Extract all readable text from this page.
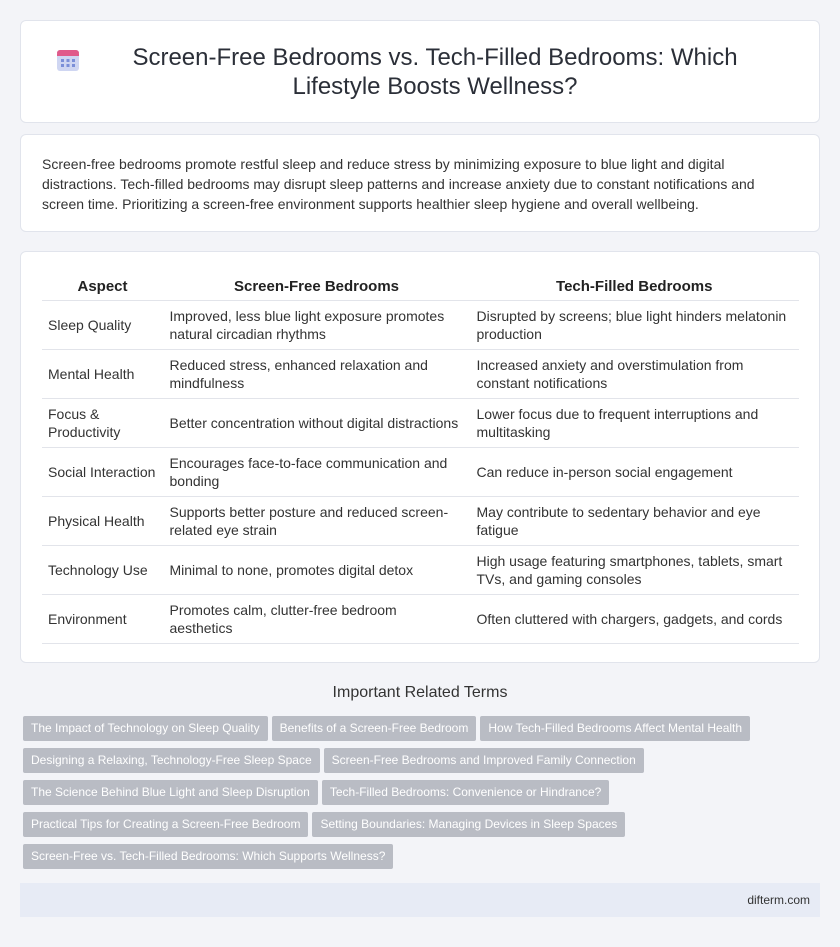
Screen-Free Bedrooms vs. Tech-Filled Bedrooms: Which Lifestyle Boosts Wellness?

Screen-free bedrooms promote restful sleep and reduce stress by minimizing exposure to blue light and digital distractions. Tech-filled bedrooms may disrupt sleep patterns and increase anxiety due to constant notifications and screen time. Prioritizing a screen-free environment supports healthier sleep hygiene and overall wellbeing.

Aspect	Screen-Free Bedrooms	Tech-Filled Bedrooms
Sleep Quality	Improved, less blue light exposure promotes natural circadian rhythms	Disrupted by screens; blue light hinders melatonin production
Mental Health	Reduced stress, enhanced relaxation and mindfulness	Increased anxiety and overstimulation from constant notifications
Focus & Productivity	Better concentration without digital distractions	Lower focus due to frequent interruptions and multitasking
Social Interaction	Encourages face-to-face communication and bonding	Can reduce in-person social engagement
Physical Health	Supports better posture and reduced screen-related eye strain	May contribute to sedentary behavior and eye fatigue
Technology Use	Minimal to none, promotes digital detox	High usage featuring smartphones, tablets, smart TVs, and gaming consoles
Environment	Promotes calm, clutter-free bedroom aesthetics	Often cluttered with chargers, gadgets, and cords
Important Related Terms
The Impact of Technology on Sleep Quality Benefits of a Screen-Free Bedroom How Tech-Filled Bedrooms Affect Mental Health
Designing a Relaxing, Technology-Free Sleep Space Screen-Free Bedrooms and Improved Family Connection
The Science Behind Blue Light and Sleep Disruption Tech-Filled Bedrooms: Convenience or Hindrance?
Practical Tips for Creating a Screen-Free Bedroom Setting Boundaries: Managing Devices in Sleep Spaces
Screen-Free vs. Tech-Filled Bedrooms: Which Supports Wellness?
difterm.com
